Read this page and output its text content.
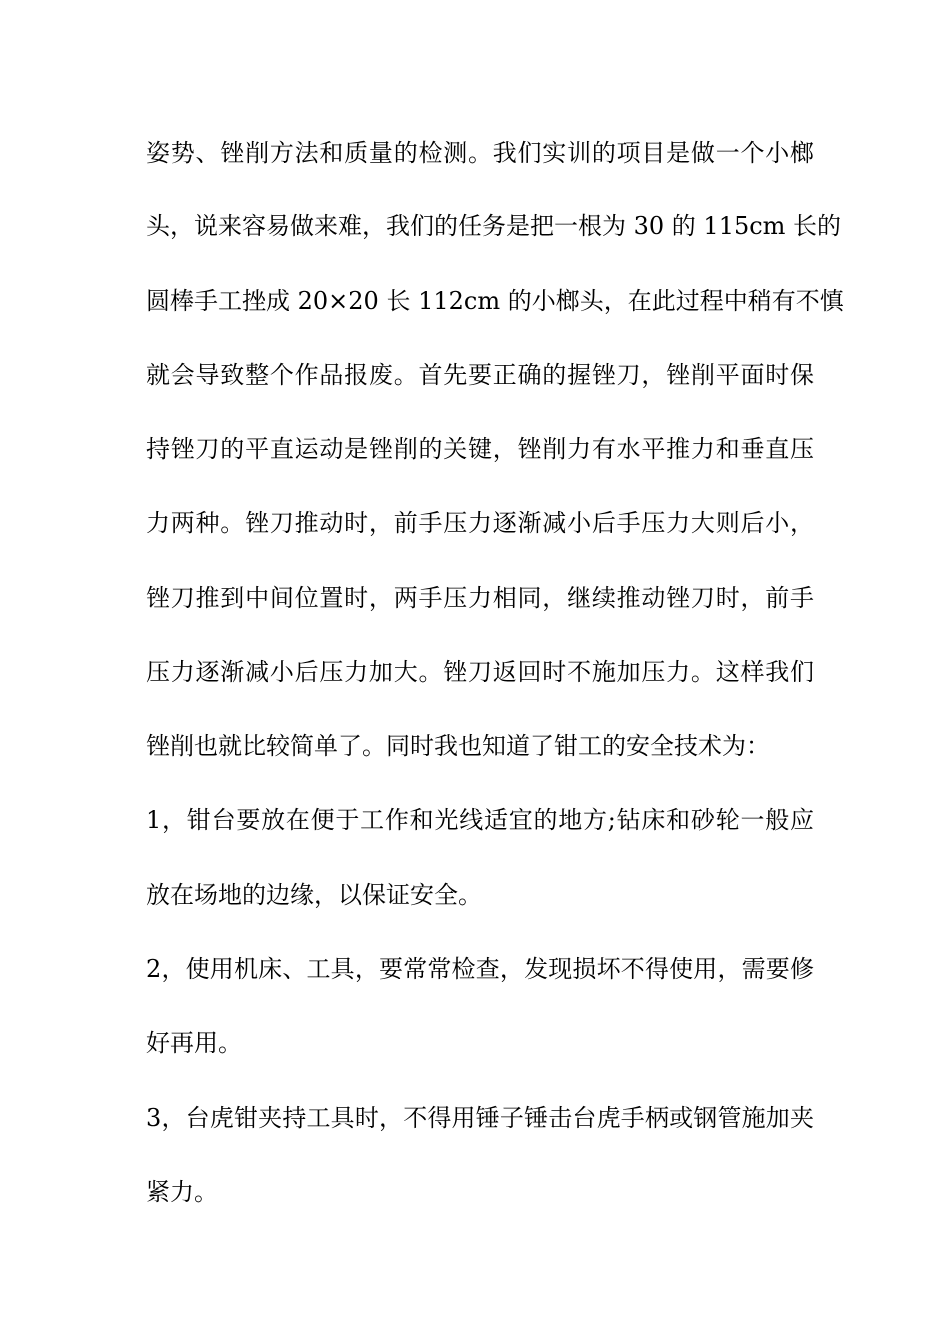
姿势、锉削方法和质量的检测。我们实训的项目是做一个小榔
头，说来容易做来难，我们的任务是把一根为 30 的 115cm 长的
圆棒手工挫成 20×20 长 112cm 的小榔头，在此过程中稍有不慎
就会导致整个作品报废。首先要正确的握锉刀，锉削平面时保
持锉刀的平直运动是锉削的关键，锉削力有水平推力和垂直压
力两种。锉刀推动时，前手压力逐渐减小后手压力大则后小，
锉刀推到中间位置时，两手压力相同，继续推动锉刀时，前手
压力逐渐减小后压力加大。锉刀返回时不施加压力。这样我们
锉削也就比较简单了。同时我也知道了钳工的安全技术为：
1，钳台要放在便于工作和光线适宜的地方;钻床和砂轮一般应
放在场地的边缘，以保证安全。
2，使用机床、工具，要常常检查，发现损坏不得使用，需要修
好再用。
3，台虎钳夹持工具时，不得用锤子锤击台虎手柄或钢管施加夹
紧力。
